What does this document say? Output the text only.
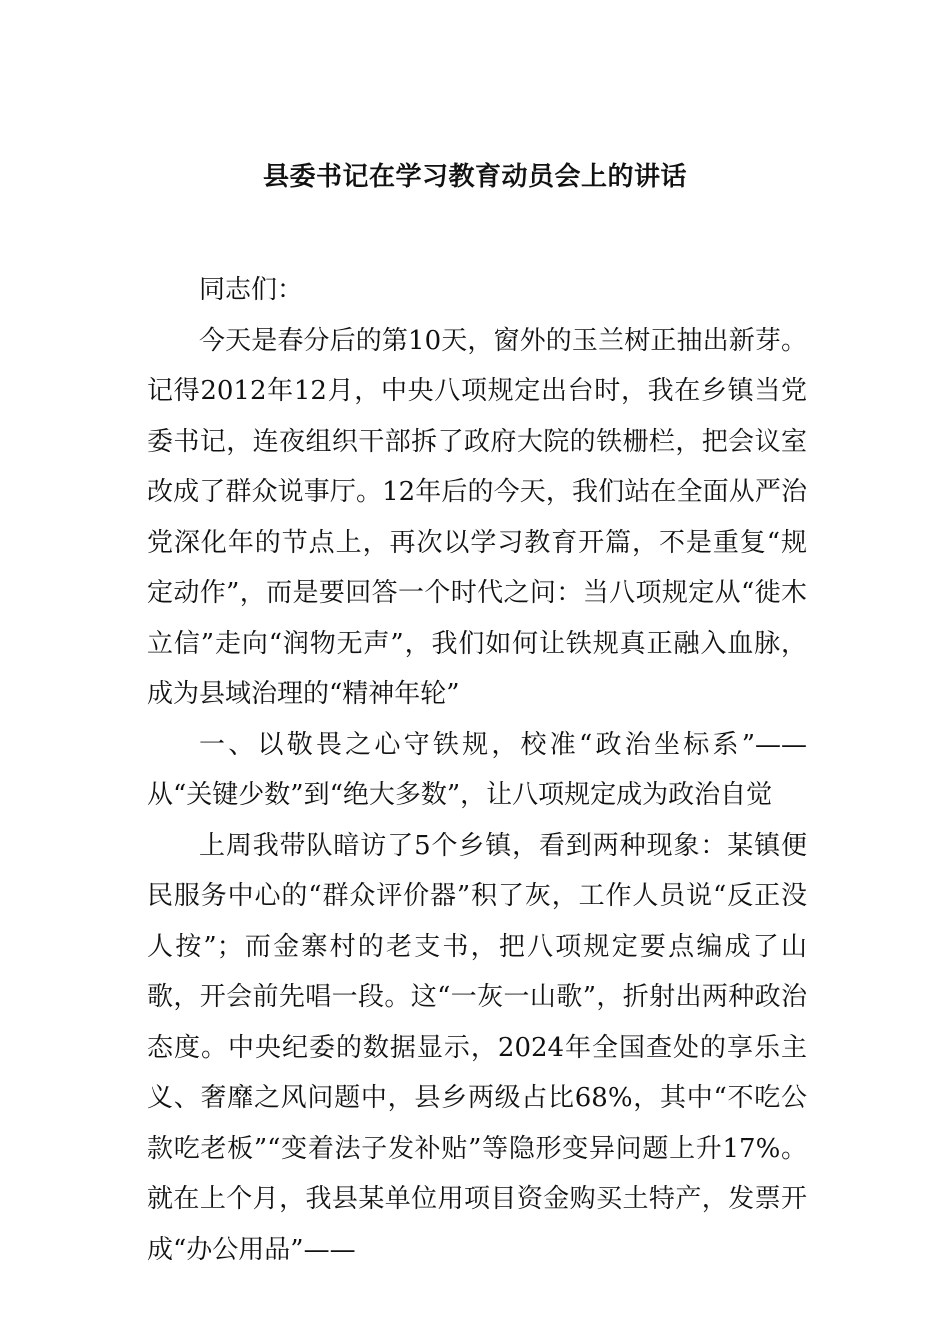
县委书记在学习教育动员会上的讲话

同志们：

今天是春分后的第10天，窗外的玉兰树正抽出新芽。记得2012年12月，中央八项规定出台时，我在乡镇当党委书记，连夜组织干部拆了政府大院的铁栅栏，把会议室改成了群众说事厅。12年后的今天，我们站在全面从严治党深化年的节点上，再次以学习教育开篇，不是重复“规定动作”，而是要回答一个时代之问：当八项规定从“徙木立信”走向“润物无声”，我们如何让铁规真正融入血脉，成为县域治理的“精神年轮”

一、以敬畏之心守铁规，校准“政治坐标系”——从“关键少数”到“绝大多数”，让八项规定成为政治自觉

上周我带队暗访了5个乡镇，看到两种现象：某镇便民服务中心的“群众评价器”积了灰，工作人员说“反正没人按”；而金寨村的老支书，把八项规定要点编成了山歌，开会前先唱一段。这“一灰一山歌”，折射出两种政治态度。中央纪委的数据显示，2024年全国查处的享乐主义、奢靡之风问题中，县乡两级占比68%，其中“不吃公款吃老板”“变着法子发补贴”等隐形变异问题上升17%。就在上个月，我县某单位用项目资金购买土特产，发票开成“办公用品”——
